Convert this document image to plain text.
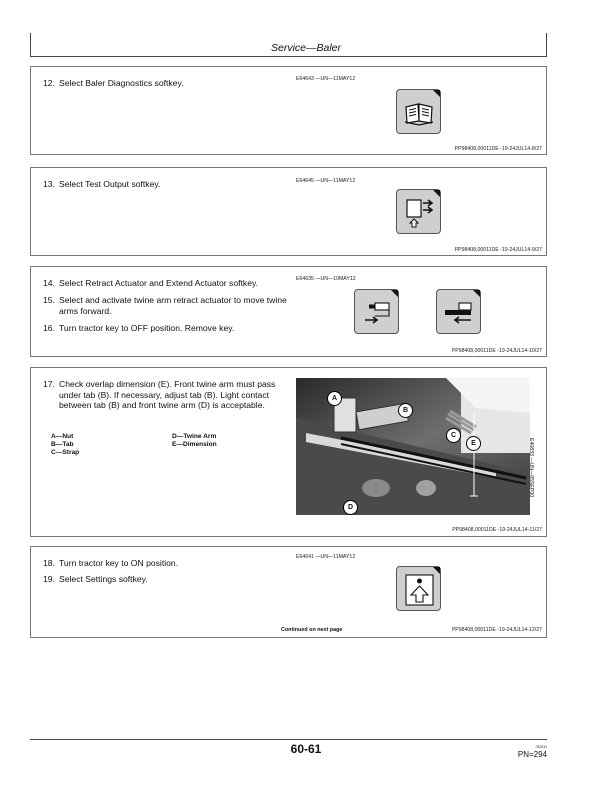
Service—Baler
12. Select Baler Diagnostics softkey.	E64643 —UN—11MAY12
PP98408,00011DE -19-24JUL14-8/27
13. Select Test Output softkey.	E64645 —UN—11MAY12
PP98408,00011DE -19-24JUL14-9/27
14. Select Retract Actuator and Extend Actuator softkey.
15. Select and activate twine arm retract actuator to move twine arms forward.
16. Turn tractor key to OFF position. Remove key.
E64635 —UN—10MAY12
PP98408,00011DE -19-24JUL14-10/27
17. Check overlap dimension (E). Front twine arm must pass under tab (B). If necessary, adjust tab (B). Light contact between tab (B) and front twine arm (D) is acceptable.
A—Nut
B—Tab
C—Strap
D—Twine Arm
E—Dimension
A
B
C
E
D
E40833 —UN—05SEP00
PP98408,00011DE -19-24JUL14-11/27
18. Turn tractor key to ON position.
19. Select Settings softkey.
E64641 —UN—11MAY12
Continued on next page	PP98408,00011DE -19-24JUL14-12/27
60-61	082510
PN=294
